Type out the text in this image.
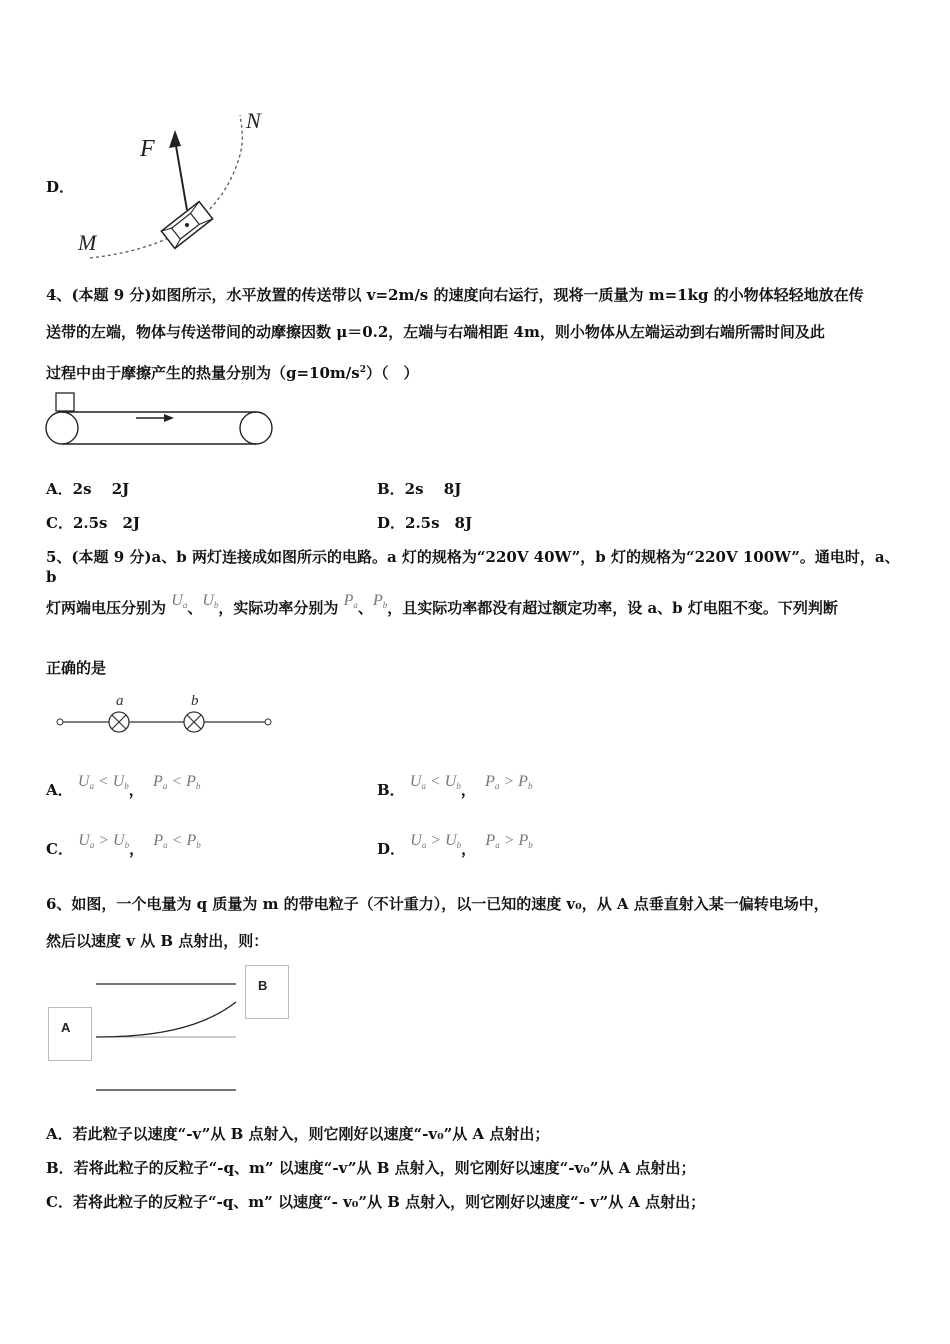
D．
F
N
M
4、(本题 9 分)如图所示，水平放置的传送带以 v=2m/s 的速度向右运行，现将一质量为 m=1kg 的小物体轻轻地放在传
送带的左端，物体与传送带间的动摩擦因数 μ＝0.2，左端与右端相距 4m，则小物体从左端运动到右端所需时间及此
过程中由于摩擦产生的热量分别为$(g=10m/s^2)$（　）
A．2s　 2J	B．2s　 8J
C．2.5s　2J	D．2.5s　8J
5、(本题 9 分)a、b 两灯连接成如图所示的电路。a 灯的规格为“220V 40W”，b 灯的规格为“220V 100W”。通电时，a、b
灯两端电压分别为 $U_a$、$U_b$，实际功率分别为 $P_a$、$P_b$，且实际功率都没有超过额定功率，设 a、b 灯电阻不变。下列判断
正确的是
a	b
A． $U_a < U_b$， $P_a < P_b$	B． $U_a < U_b$， $P_a > P_b$
C． $U_a > U_b$， $P_a < P_b$	D． $U_a > U_b$， $P_a > P_b$
6、如图，一个电量为 q 质量为 m 的带电粒子（不计重力），以一已知的速度 v₀，从 A 点垂直射入某一偏转电场中，
然后以速度 v 从 B 点射出，则：
A
B
A．若此粒子以速度“-v”从 B 点射入，则它刚好以速度“-v₀”从 A 点射出；
B．若将此粒子的反粒子“-q、m” 以速度“-v”从 B 点射入，则它刚好以速度“-v₀”从 A 点射出；
C．若将此粒子的反粒子“-q、m” 以速度“- v₀”从 B 点射入，则它刚好以速度“- v”从 A 点射出；
